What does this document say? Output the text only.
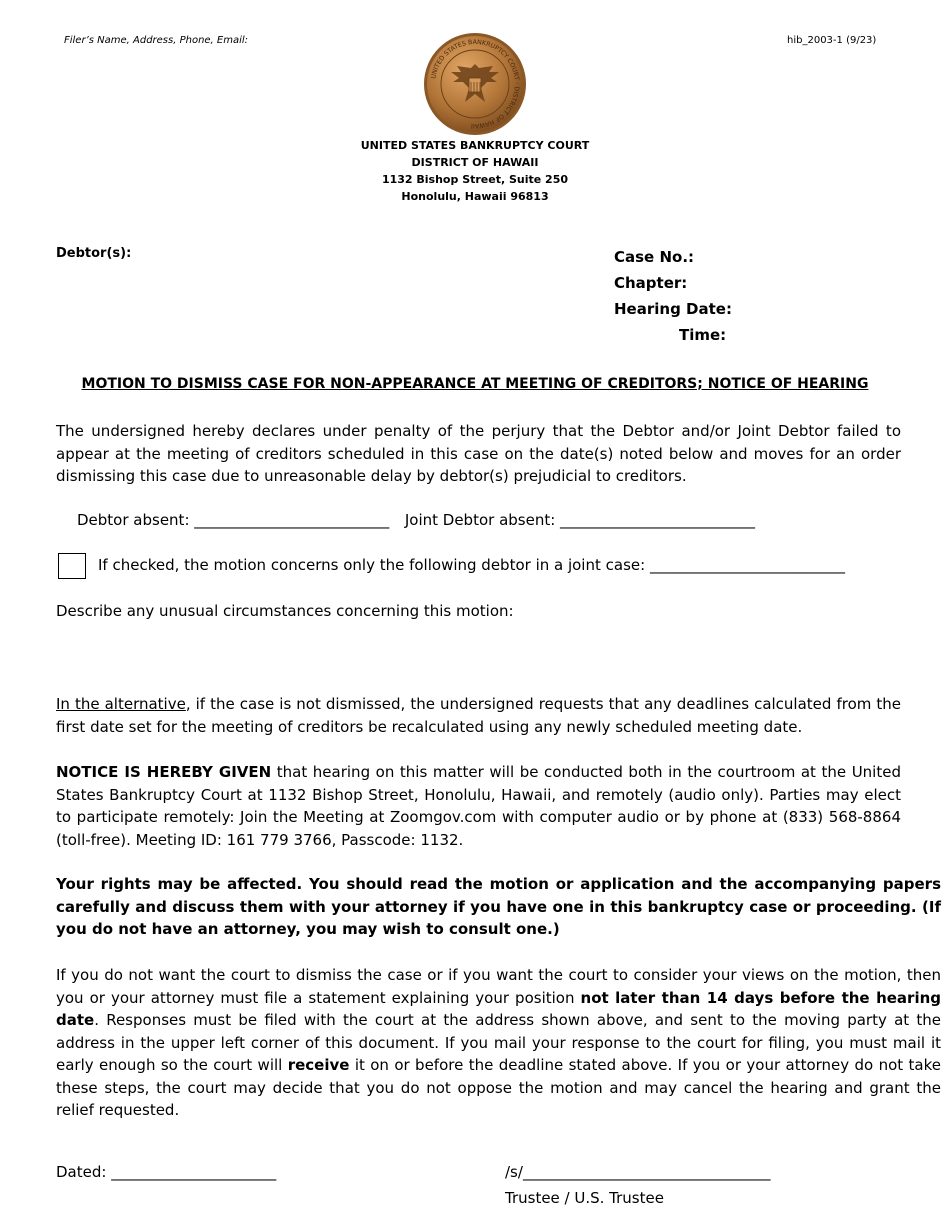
Filer’s Name, Address, Phone, Email:	hib_2003-1 (9/23)
UNITED STATES BANKRUPTCY COURT · DISTRICT OF HAWAII
UNITED STATES BANKRUPTCY COURT
DISTRICT OF HAWAII
1132 Bishop Street, Suite 250
Honolulu, Hawaii 96813
Debtor(s):	Case No.:
Chapter:
Hearing Date:
Time:
MOTION TO DISMISS CASE FOR NON-APPEARANCE AT MEETING OF CREDITORS; NOTICE OF HEARING
The undersigned hereby declares under penalty of the perjury that the Debtor and/or Joint Debtor failed to appear at the meeting of creditors scheduled in this case on the date(s) noted below and moves for an order dismissing this case due to unreasonable delay by debtor(s) prejudicial to creditors.
Debtor absent: __________________________ Joint Debtor absent: __________________________
If checked, the motion concerns only the following debtor in a joint case: __________________________
Describe any unusual circumstances concerning this motion:
In the alternative, if the case is not dismissed, the undersigned requests that any deadlines calculated from the first date set for the meeting of creditors be recalculated using any newly scheduled meeting date.
NOTICE IS HEREBY GIVEN that hearing on this matter will be conducted both in the courtroom at the United States Bankruptcy Court at 1132 Bishop Street, Honolulu, Hawaii, and remotely (audio only). Parties may elect to participate remotely: Join the Meeting at Zoomgov.com with computer audio or by phone at (833) 568-8864 (toll-free). Meeting ID: 161 779 3766, Passcode: 1132.
Your rights may be affected. You should read the motion or application and the accompanying papers carefully and discuss them with your attorney if you have one in this bankruptcy case or proceeding. (If you do not have an attorney, you may wish to consult one.)
If you do not want the court to dismiss the case or if you want the court to consider your views on the motion, then you or your attorney must file a statement explaining your position not later than 14 days before the hearing date. Responses must be filed with the court at the address shown above, and sent to the moving party at the address in the upper left corner of this document. If you mail your response to the court for filing, you must mail it early enough so the court will receive it on or before the deadline stated above. If you or your attorney do not take these steps, the court may decide that you do not oppose the motion and may cancel the hearing and grant the relief requested.
Dated: ______________________	/s/_________________________________
Trustee / U.S. Trustee
